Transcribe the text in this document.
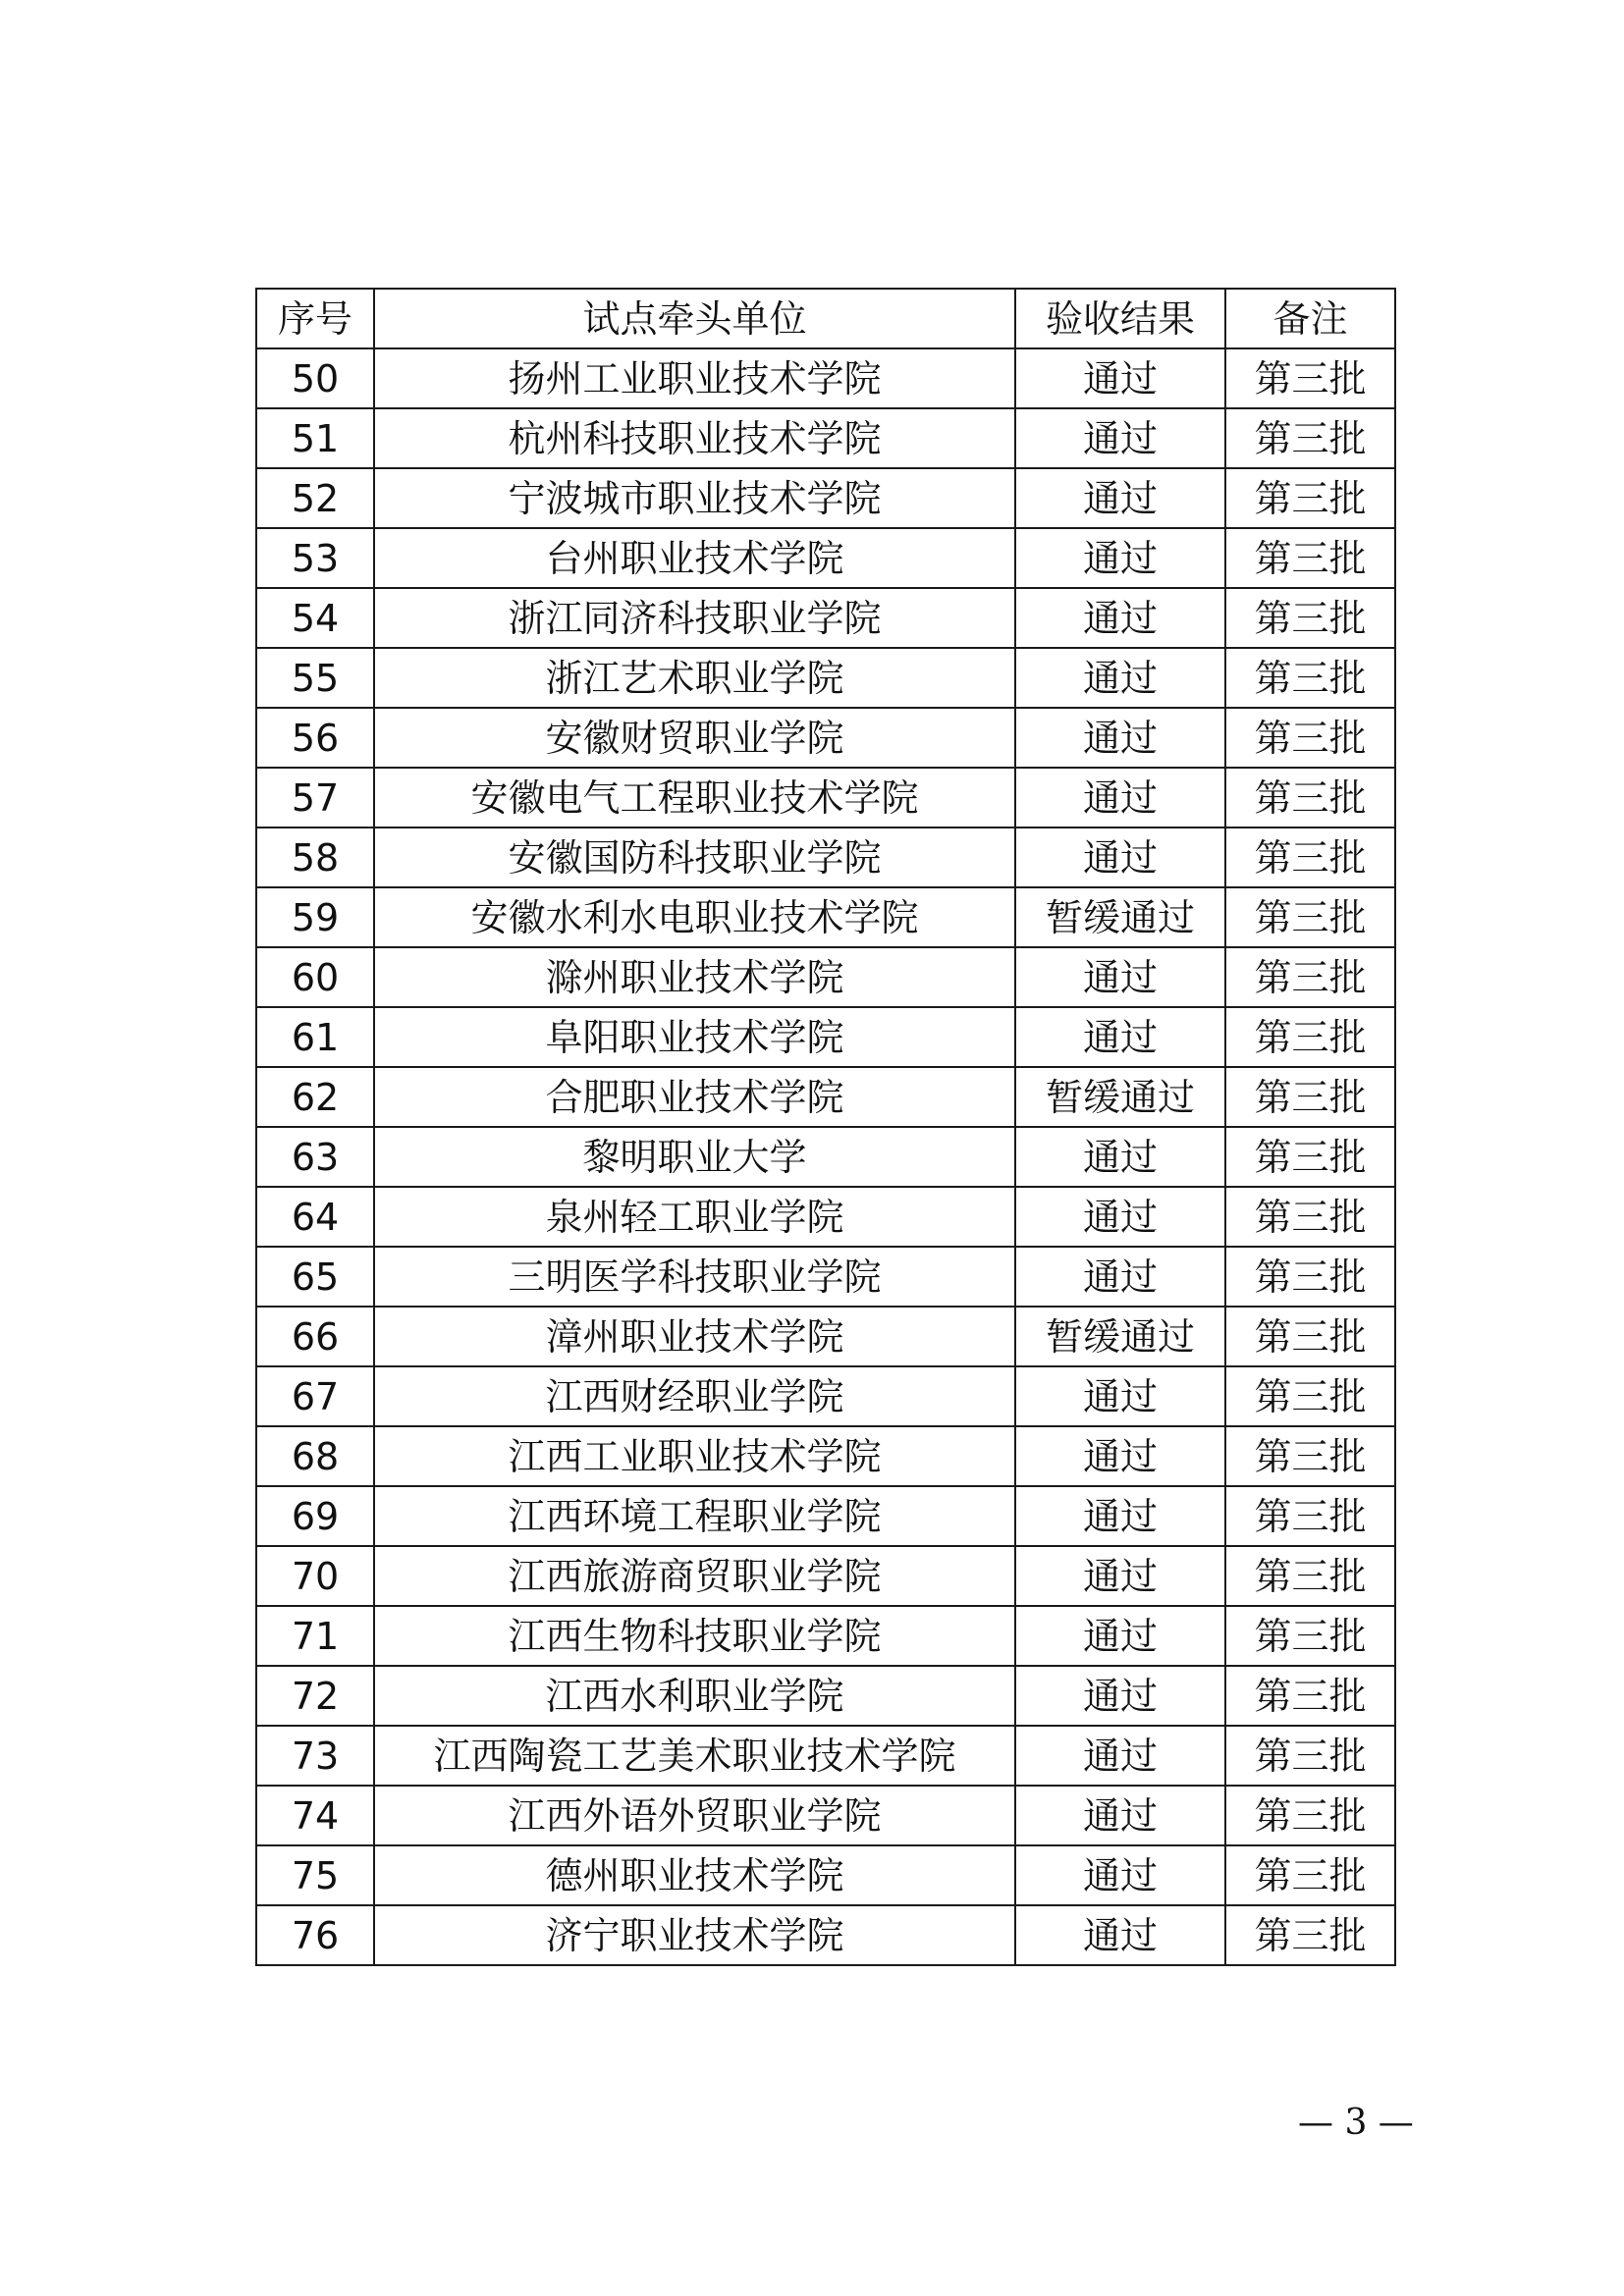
序号	试点牵头单位	验收结果	备注
50	扬州工业职业技术学院	通过	第三批
51	杭州科技职业技术学院	通过	第三批
52	宁波城市职业技术学院	通过	第三批
53	台州职业技术学院	通过	第三批
54	浙江同济科技职业学院	通过	第三批
55	浙江艺术职业学院	通过	第三批
56	安徽财贸职业学院	通过	第三批
57	安徽电气工程职业技术学院	通过	第三批
58	安徽国防科技职业学院	通过	第三批
59	安徽水利水电职业技术学院	暂缓通过	第三批
60	滁州职业技术学院	通过	第三批
61	阜阳职业技术学院	通过	第三批
62	合肥职业技术学院	暂缓通过	第三批
63	黎明职业大学	通过	第三批
64	泉州轻工职业学院	通过	第三批
65	三明医学科技职业学院	通过	第三批
66	漳州职业技术学院	暂缓通过	第三批
67	江西财经职业学院	通过	第三批
68	江西工业职业技术学院	通过	第三批
69	江西环境工程职业学院	通过	第三批
70	江西旅游商贸职业学院	通过	第三批
71	江西生物科技职业学院	通过	第三批
72	江西水利职业学院	通过	第三批
73	江西陶瓷工艺美术职业技术学院	通过	第三批
74	江西外语外贸职业学院	通过	第三批
75	德州职业技术学院	通过	第三批
76	济宁职业技术学院	通过	第三批
— 3 —
